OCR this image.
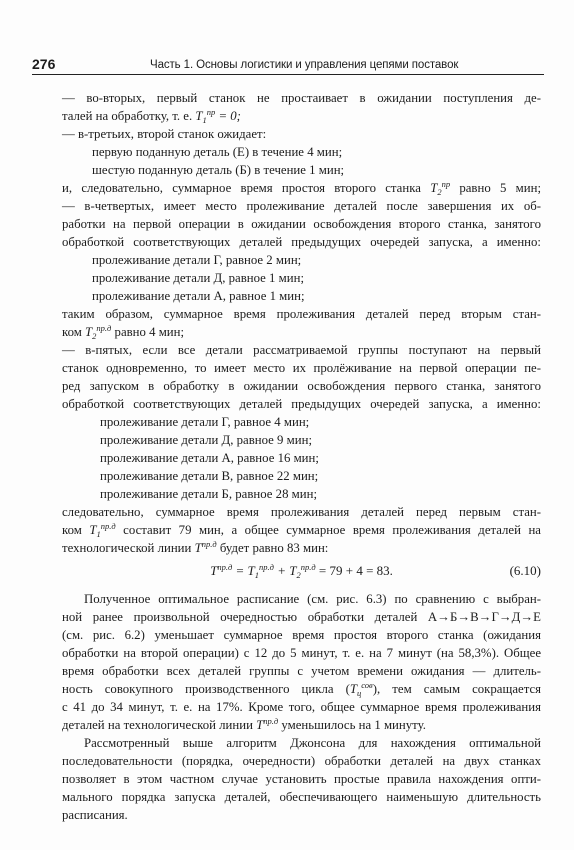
276	Часть 1. Основы логистики и управления цепями поставок
— во-вторых, первый станок не простаивает в ожидании поступления де-
талей на обработку, т. е. $T_1^{пр} = 0$;
— в-третьих, второй станок ожидает:
первую поданную деталь (Е) в течение 4 мин;
шестую поданную деталь (Б) в течение 1 мин;
и, следовательно, суммарное время простоя второго станка $T_2^{пр}$ равно 5 мин;
— в-четвертых, имеет место пролеживание деталей после завершения их об-
работки на первой операции в ожидании освобождения второго станка, занятого
обработкой соответствующих деталей предыдущих очередей запуска, а именно:
пролеживание детали Г, равное 2 мин;
пролеживание детали Д, равное 1 мин;
пролеживание детали А, равное 1 мин;
таким образом, суммарное время пролеживания деталей перед вторым стан-
ком $T_2^{пр.д}$ равно 4 мин;
— в-пятых, если все детали рассматриваемой группы поступают на первый
станок одновременно, то имеет место их пролёживание на первой операции пе-
ред запуском в обработку в ожидании освобождения первого станка, занятого
обработкой соответствующих деталей предыдущих очередей запуска, а именно:
пролеживание детали Г, равное 4 мин;
пролеживание детали Д, равное 9 мин;
пролеживание детали А, равное 16 мин;
пролеживание детали В, равное 22 мин;
пролеживание детали Б, равное 28 мин;
следовательно, суммарное время пролеживания деталей перед первым стан-
ком $T_1^{пр.д}$ составит 79 мин, а общее суммарное время пролеживания деталей на
технологической линии $T^{пр.д}$ будет равно 83 мин:
$T^{пр.д} = T_1^{пр.д} + T_2^{пр.д} = 79 + 4 = 83$.	(6.10)
Полученное оптимальное расписание (см. рис. 6.3) по сравнению с выбран-
ной ранее произвольной очередностью обработки деталей А→Б→В→Г→Д→Е
(см. рис. 6.2) уменьшает суммарное время простоя второго станка (ожидания
обработки на второй операции) с 12 до 5 минут, т. е. на 7 минут (на 58,3%). Общее
время обработки всех деталей группы с учетом времени ожидания — длитель-
ность совокупного производственного цикла $(T_ц^{сов})$, тем самым сокращается
с 41 до 34 минут, т. е. на 17%. Кроме того, общее суммарное время пролеживания
деталей на технологической линии $T^{пр.д}$ уменьшилось на 1 минуту.
Рассмотренный выше алгоритм Джонсона для нахождения оптимальной
последовательности (порядка, очередности) обработки деталей на двух станках
позволяет в этом частном случае установить простые правила нахождения опти-
мального порядка запуска деталей, обеспечивающего наименьшую длительность
расписания.
